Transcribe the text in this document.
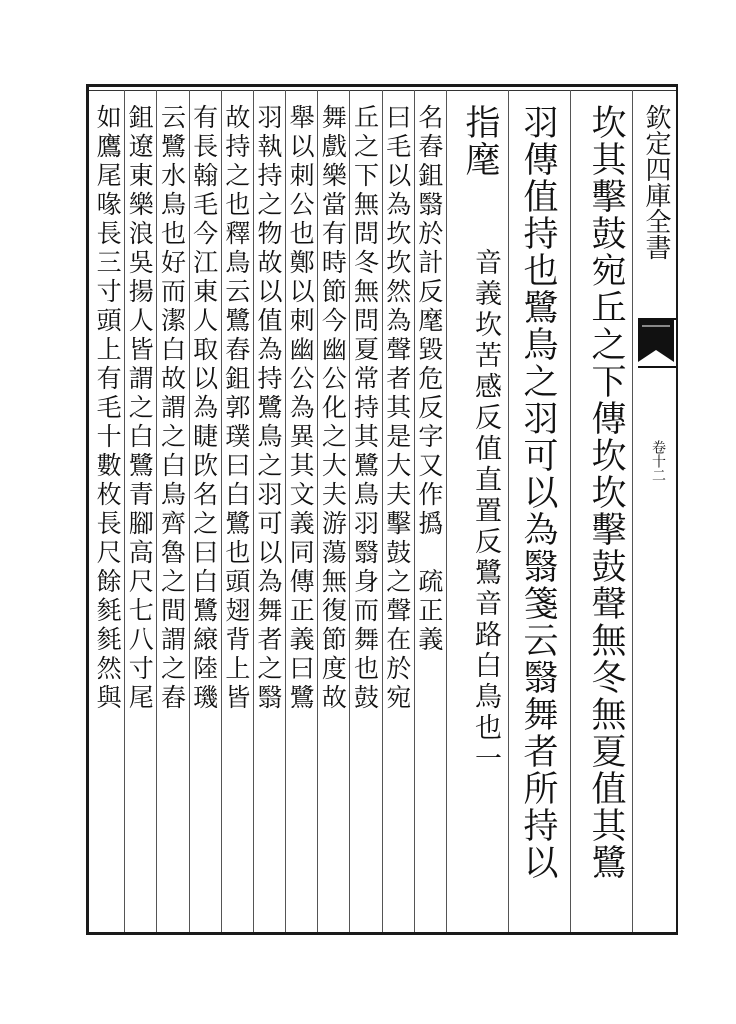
欽定四庫全書
卷十二
坎其擊鼓宛丘之下傳坎坎擊鼓聲無冬無夏值其鷺
羽傳值持也鷺鳥之羽可以為翳箋云翳舞者所持以
指麾
音義坎苦感反值直置反鷺音路白鳥也一
名舂鉏翳於計反麾毀危反字又作撝　疏正義
曰毛以為坎坎然為聲者其是大夫擊鼓之聲在於宛
丘之下無問冬無問夏常持其鷺鳥羽翳身而舞也鼓
舞戲樂當有時節今幽公化之大夫游蕩無復節度故
舉以刺公也鄭以刺幽公為異其文義同傳正義曰鷺
羽執持之物故以值為持鷺鳥之羽可以為舞者之翳
故持之也釋鳥云鷺舂鉏郭璞曰白鷺也頭翅背上皆
有長翰毛今江東人取以為睫㰝名之曰白鷺縗陸璣
云鷺水鳥也好而潔白故謂之白鳥齊魯之間謂之舂
鉏遼東樂浪吳揚人皆謂之白鷺青腳高尺七八寸尾
如鷹尾喙長三寸頭上有毛十數枚長尺餘毵毵然與
